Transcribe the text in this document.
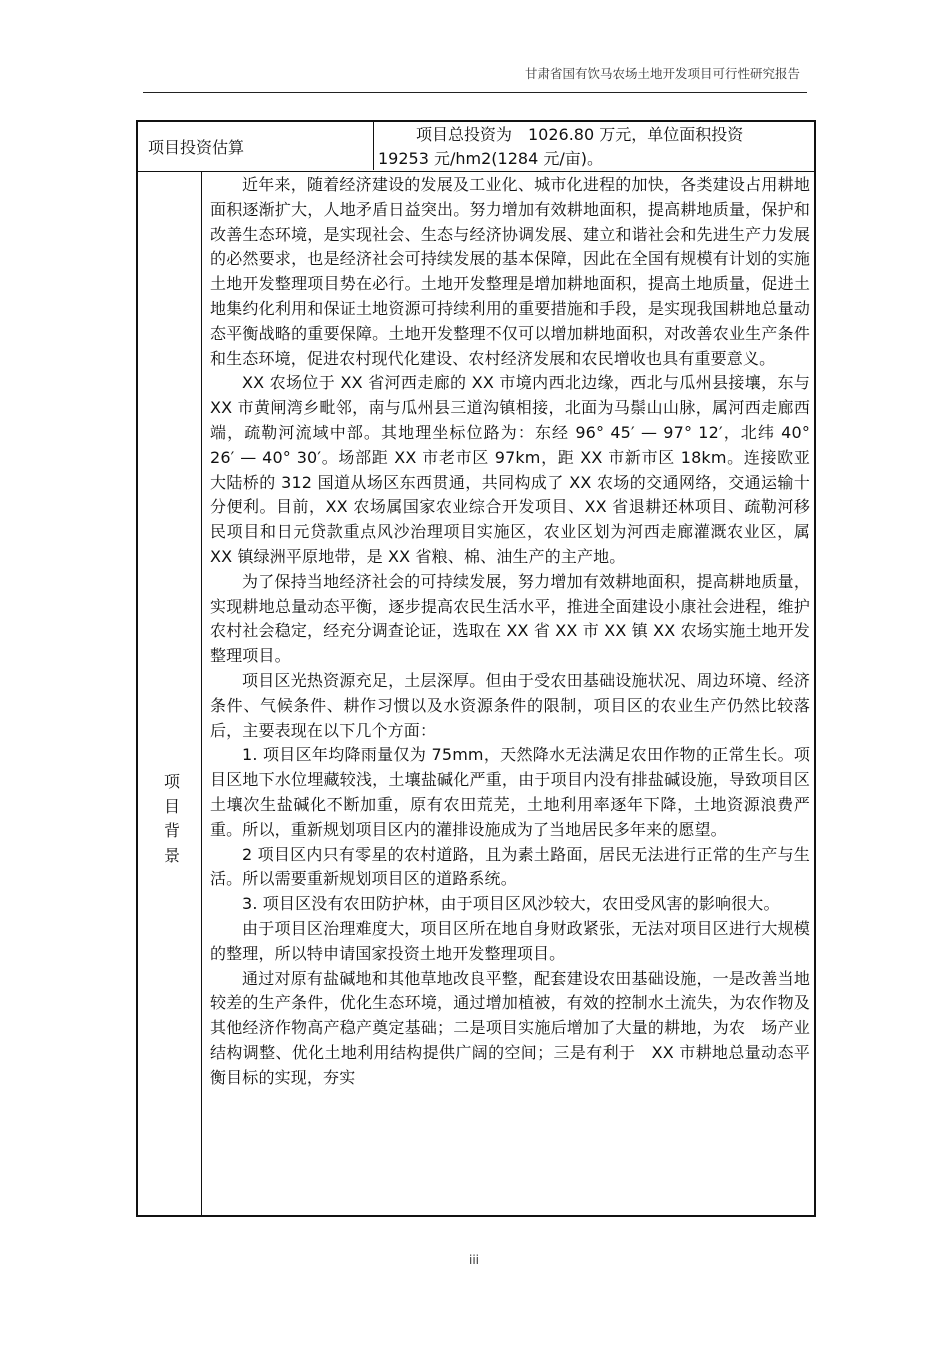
甘肃省国有饮马农场土地开发项目可行性研究报告
项目投资估算

项目总投资为　1026.80 万元，单位面积投资

19253 元/hm2(1284 元/亩)。

项目背景

近年来，随着经济建设的发展及工业化、城市化进程的加快，各类建设占用耕地面积逐渐扩大，人地矛盾日益突出。努力增加有效耕地面积，提高耕地质量，保护和改善生态环境，是实现社会、生态与经济协调发展、建立和谐社会和先进生产力发展的必然要求，也是经济社会可持续发展的基本保障，因此在全国有规模有计划的实施土地开发整理项目势在必行。土地开发整理是增加耕地面积，提高土地质量，促进土地集约化利用和保证土地资源可持续利用的重要措施和手段，是实现我国耕地总量动态平衡战略的重要保障。土地开发整理不仅可以增加耕地面积，对改善农业生产条件和生态环境，促进农村现代化建设、农村经济发展和农民增收也具有重要意义。

XX 农场位于 XX 省河西走廊的 XX 市境内西北边缘，西北与瓜州县接壤，东与 XX 市黄闸湾乡毗邻，南与瓜州县三道沟镇相接，北面为马鬃山山脉，属河西走廊西端，疏勒河流域中部。其地理坐标位路为：东经 96° 45′ — 97° 12′，北纬 40° 26′ — 40° 30′。场部距 XX 市老市区 97km，距 XX 市新市区 18km。连接欧亚大陆桥的 312 国道从场区东西贯通，共同构成了 XX 农场的交通网络，交通运输十分便利。目前，XX 农场属国家农业综合开发项目、XX 省退耕还林项目、疏勒河移民项目和日元贷款重点风沙治理项目实施区，农业区划为河西走廊灌溉农业区，属 XX 镇绿洲平原地带，是 XX 省粮、棉、油生产的主产地。

为了保持当地经济社会的可持续发展，努力增加有效耕地面积，提高耕地质量，实现耕地总量动态平衡，逐步提高农民生活水平，推进全面建设小康社会进程，维护农村社会稳定，经充分调查论证，选取在 XX 省 XX 市 XX 镇 XX 农场实施土地开发整理项目。

项目区光热资源充足，土层深厚。但由于受农田基础设施状况、周边环境、经济条件、气候条件、耕作习惯以及水资源条件的限制，项目区的农业生产仍然比较落后，主要表现在以下几个方面：

1. 项目区年均降雨量仅为 75mm，天然降水无法满足农田作物的正常生长。项目区地下水位埋藏较浅，土壤盐碱化严重，由于项目内没有排盐碱设施，导致项目区土壤次生盐碱化不断加重，原有农田荒芜，土地利用率逐年下降，土地资源浪费严重。所以，重新规划项目区内的灌排设施成为了当地居民多年来的愿望。

2 项目区内只有零星的农村道路，且为素土路面，居民无法进行正常的生产与生活。所以需要重新规划项目区的道路系统。

3. 项目区没有农田防护林，由于项目区风沙较大，农田受风害的影响很大。

由于项目区治理难度大，项目区所在地自身财政紧张，无法对项目区进行大规模的整理，所以特申请国家投资土地开发整理项目。

通过对原有盐碱地和其他草地改良平整，配套建设农田基础设施，一是改善当地较差的生产条件，优化生态环境，通过增加植被，有效的控制水土流失，为农作物及其他经济作物高产稳产奠定基础；二是项目实施后增加了大量的耕地，为农　场产业结构调整、优化土地利用结构提供广阔的空间；三是有利于　XX 市耕地总量动态平衡目标的实现，夯实

iii
